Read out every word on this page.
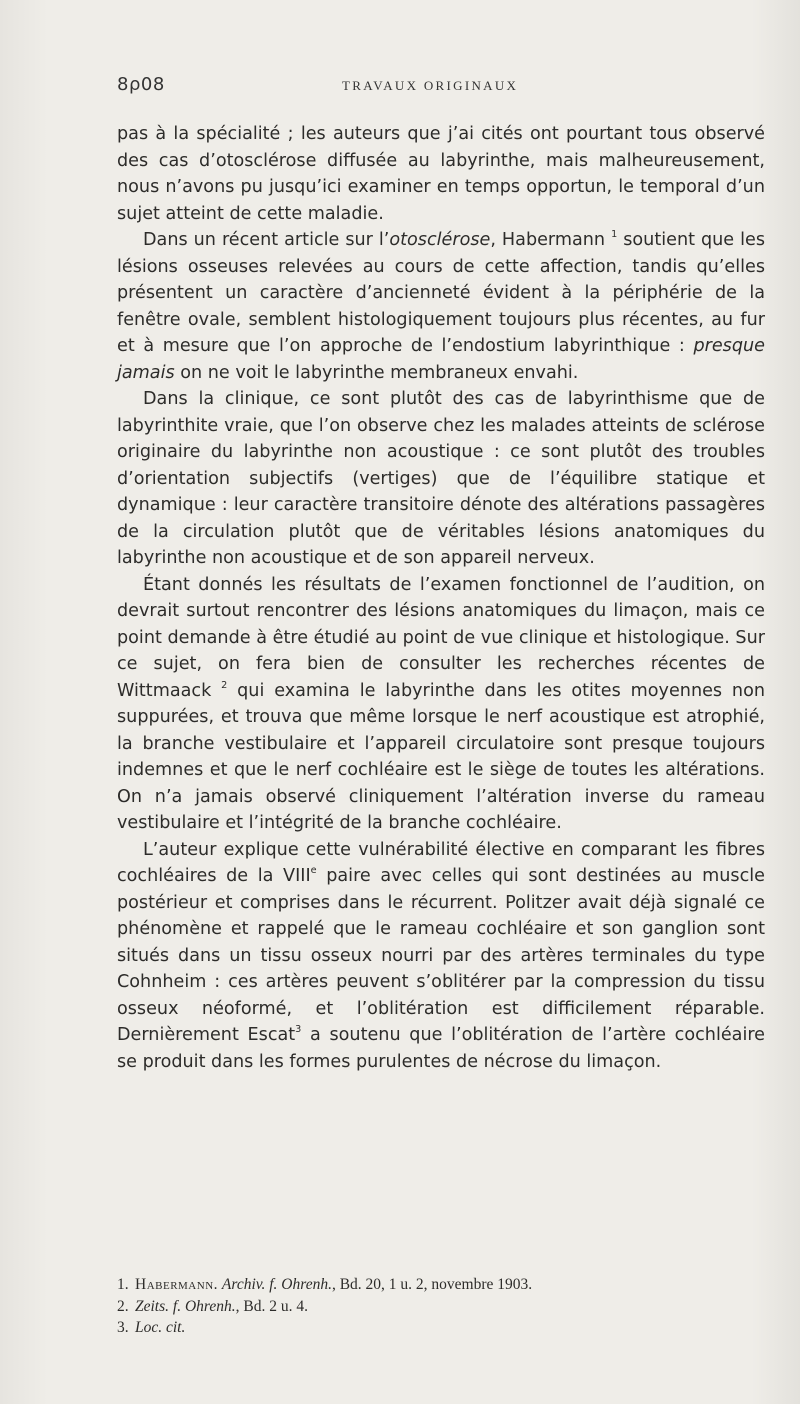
8ρ08	TRAVAUX ORIGINAUX

pas à la spécialité ; les auteurs que j’ai cités ont pourtant tous observé des cas d’otosclérose diffusée au labyrinthe, mais malheureusement, nous n’avons pu jusqu’ici examiner en temps opportun, le temporal d’un sujet atteint de cette maladie.

Dans un récent article sur l’otosclérose, Habermann $^1$ soutient que les lésions osseuses relevées au cours de cette affection, tandis qu’elles présentent un caractère d’ancienneté évident à la périphérie de la fenêtre ovale, semblent histologiquement toujours plus récentes, au fur et à mesure que l’on approche de l’endostium labyrinthique : presque jamais on ne voit le labyrinthe membraneux envahi.

Dans la clinique, ce sont plutôt des cas de labyrinthisme que de labyrinthite vraie, que l’on observe chez les malades atteints de sclérose originaire du labyrinthe non acoustique : ce sont plutôt des troubles d’orientation subjectifs (vertiges) que de l’équilibre statique et dynamique : leur caractère transitoire dénote des altérations passagères de la circulation plutôt que de véritables lésions anatomiques du labyrinthe non acoustique et de son appareil nerveux.

Étant donnés les résultats de l’examen fonctionnel de l’audition, on devrait surtout rencontrer des lésions anatomiques du limaçon, mais ce point demande à être étudié au point de vue clinique et histologique. Sur ce sujet, on fera bien de consulter les recherches récentes de Wittmaack $^2$ qui examina le labyrinthe dans les otites moyennes non suppurées, et trouva que même lorsque le nerf acoustique est atrophié, la branche vestibulaire et l’appareil circulatoire sont presque toujours indemnes et que le nerf cochléaire est le siège de toutes les altérations. On n’a jamais observé cliniquement l’altération inverse du rameau vestibulaire et l’intégrité de la branche cochléaire.

L’auteur explique cette vulnérabilité élective en comparant les fibres cochléaires de la VIIIe paire avec celles qui sont destinées au muscle postérieur et comprises dans le récurrent. Politzer avait déjà signalé ce phénomène et rappelé que le rameau cochléaire et son ganglion sont situés dans un tissu osseux nourri par des artères terminales du type Cohnheim : ces artères peuvent s’oblitérer par la compression du tissu osseux néoformé, et l’oblitération est difficilement réparable. Dernièrement Escat$^3$ a soutenu que l’oblitération de l’artère cochléaire se produit dans les formes purulentes de nécrose du limaçon.

1. Habermann. Archiv. f. Ohrenh., Bd. 20, 1 u. 2, novembre 1903.

2. Zeits. f. Ohrenh., Bd. 2 u. 4.

3. Loc. cit.
